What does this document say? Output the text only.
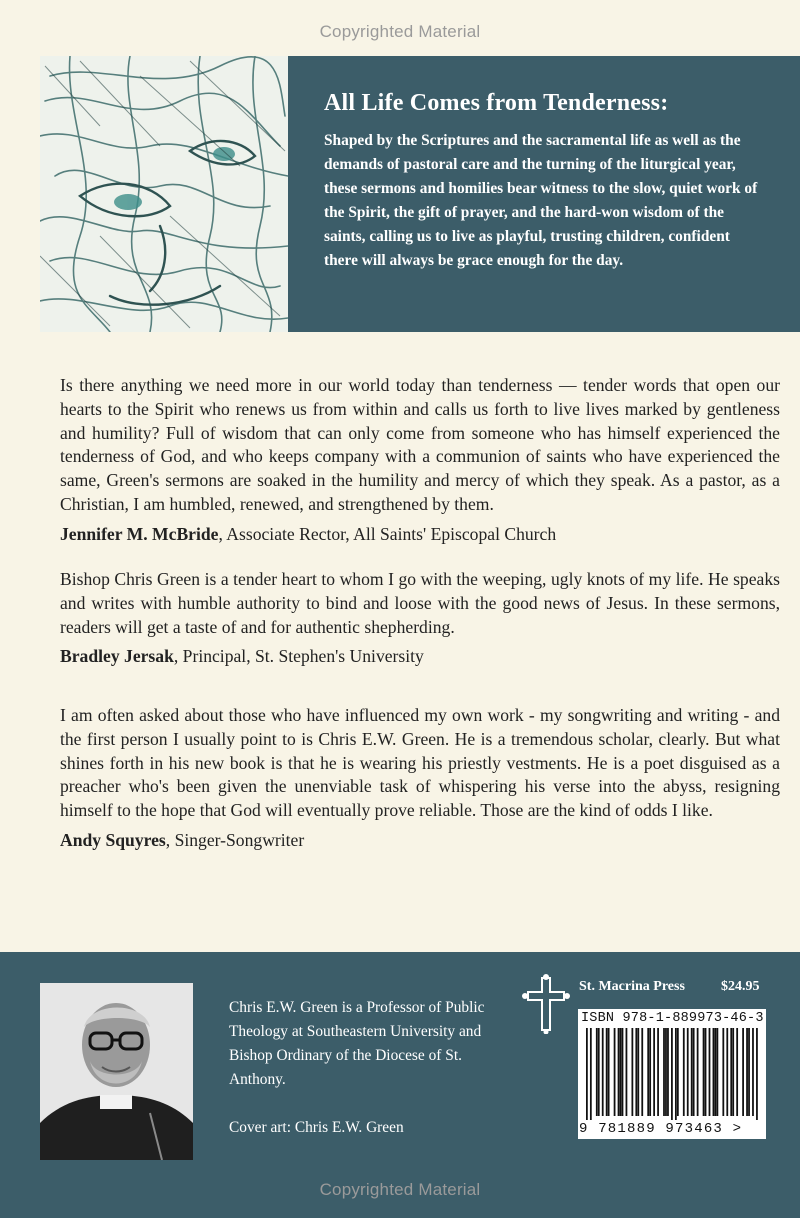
Copyrighted Material
All Life Comes from Tenderness:

Shaped by the Scriptures and the sacramental life as well as the demands of pastoral care and the turning of the liturgical year, these sermons and homilies bear witness to the slow, quiet work of the Spirit, the gift of prayer, and the hard-won wisdom of the saints, calling us to live as playful, trusting children, confident there will always be grace enough for the day.

Is there anything we need more in our world today than tenderness — tender words that open our hearts to the Spirit who renews us from within and calls us forth to live lives marked by gentleness and humility? Full of wisdom that can only come from someone who has himself experienced the tenderness of God, and who keeps company with a communion of saints who have experienced the same, Green's sermons are soaked in the humility and mercy of which they speak. As a pastor, as a Christian, I am humbled, renewed, and strengthened by them.

Jennifer M. McBride, Associate Rector, All Saints' Episcopal Church

Bishop Chris Green is a tender heart to whom I go with the weeping, ugly knots of my life. He speaks and writes with humble authority to bind and loose with the good news of Jesus. In these sermons, readers will get a taste of and for authentic shepherding.

Bradley Jersak, Principal, St. Stephen's University

I am often asked about those who have influenced my own work - my songwriting and writing - and the first person I usually point to is Chris E.W. Green. He is a tremendous scholar, clearly. But what shines forth in his new book is that he is wearing his priestly vestments. He is a poet disguised as a preacher who's been given the unenviable task of whispering his verse into the abyss, resigning himself to the hope that God will eventually prove reliable. Those are the kind of odds I like.

Andy Squyres, Singer-Songwriter

Chris E.W. Green is a Professor of Public Theology at Southeastern University and Bishop Ordinary of the Diocese of St. Anthony.

Cover art: Chris E.W. Green

St. Macrina Press	$24.95
ISBN 978-1-889973-46-3
9 781889 973463 >
Copyrighted Material
